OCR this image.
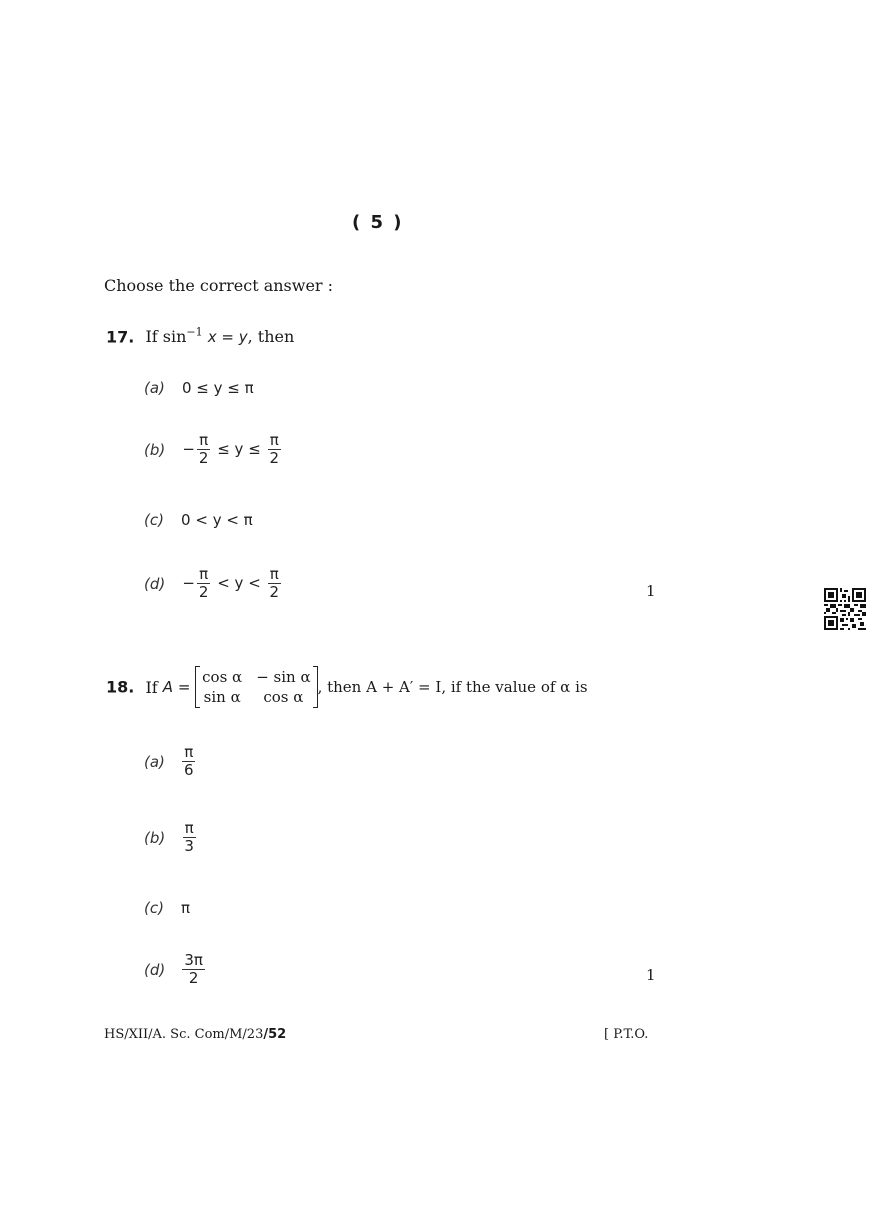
( 5 )
Choose the correct answer :
17. If $\sin^{-1} x = y$, then
(a) 0 ≤ y ≤ π
$(b) - \frac{\pi}{2} \le y \le \frac{\pi}{2}$
(c) 0 < y < π
$(d) - \frac{\pi}{2} < y < \frac{\pi}{2}$	1
18. If A =
cos α − sin α
sin α	cos α
, then A + A′ = I, if the value of α is
$(a) \frac{\pi}{6}$
$(b) \frac{\pi}{3}$
(c) π
$(d) \frac{3\pi}{2}$	1
HS/XII/A. Sc. Com/M/23/52	[ P.T.O.
